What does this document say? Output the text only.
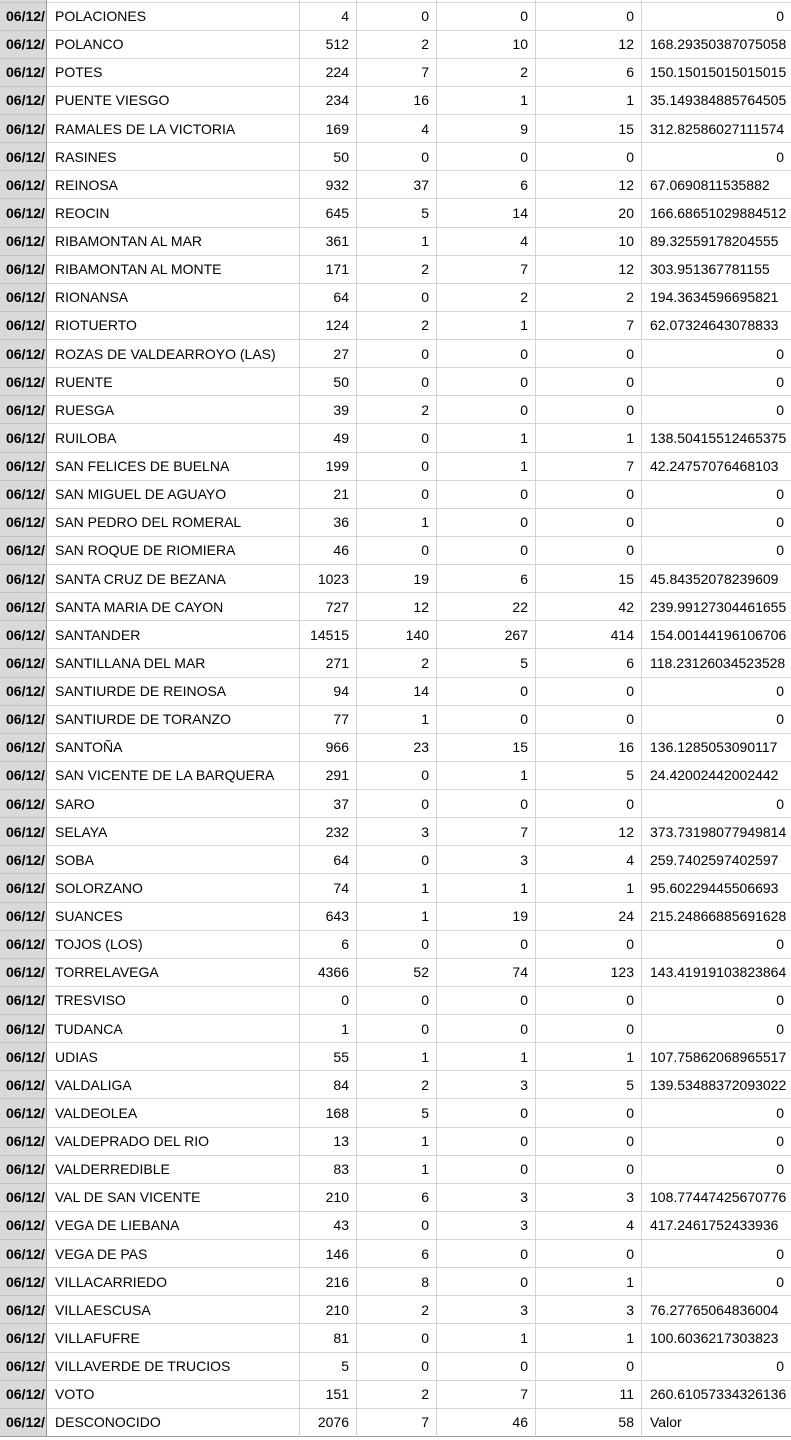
06/12/ POLACIONES	4	0	0	0	0
06/12/ POLANCO	512	2	10	12	168.29350387075058
06/12/ POTES	224	7	2	6	150.15015015015015
06/12/ PUENTE VIESGO	234	16	1	1	35.149384885764505
06/12/ RAMALES DE LA VICTORIA	169	4	9	15	312.82586027111574
06/12/ RASINES	50	0	0	0	0
06/12/ REINOSA	932	37	6	12	67.0690811535882
06/12/ REOCIN	645	5	14	20	166.68651029884512
06/12/ RIBAMONTAN AL MAR	361	1	4	10	89.32559178204555
06/12/ RIBAMONTAN AL MONTE	171	2	7	12	303.951367781155
06/12/ RIONANSA	64	0	2	2	194.3634596695821
06/12/ RIOTUERTO	124	2	1	7	62.07324643078833
06/12/ ROZAS DE VALDEARROYO (LAS)	27	0	0	0	0
06/12/ RUENTE	50	0	0	0	0
06/12/ RUESGA	39	2	0	0	0
06/12/ RUILOBA	49	0	1	1	138.50415512465375
06/12/ SAN FELICES DE BUELNA	199	0	1	7	42.24757076468103
06/12/ SAN MIGUEL DE AGUAYO	21	0	0	0	0
06/12/ SAN PEDRO DEL ROMERAL	36	1	0	0	0
06/12/ SAN ROQUE DE RIOMIERA	46	0	0	0	0
06/12/ SANTA CRUZ DE BEZANA	1023	19	6	15	45.84352078239609
06/12/ SANTA MARIA DE CAYON	727	12	22	42	239.99127304461655
06/12/ SANTANDER	14515	140	267	414	154.00144196106706
06/12/ SANTILLANA DEL MAR	271	2	5	6	118.23126034523528
06/12/ SANTIURDE DE REINOSA	94	14	0	0	0
06/12/ SANTIURDE DE TORANZO	77	1	0	0	0
06/12/ SANTOÑA	966	23	15	16	136.1285053090117
06/12/ SAN VICENTE DE LA BARQUERA	291	0	1	5	24.42002442002442
06/12/ SARO	37	0	0	0	0
06/12/ SELAYA	232	3	7	12	373.73198077949814
06/12/ SOBA	64	0	3	4	259.7402597402597
06/12/ SOLORZANO	74	1	1	1	95.60229445506693
06/12/ SUANCES	643	1	19	24	215.24866885691628
06/12/ TOJOS (LOS)	6	0	0	0	0
06/12/ TORRELAVEGA	4366	52	74	123	143.41919103823864
06/12/ TRESVISO	0	0	0	0	0
06/12/ TUDANCA	1	0	0	0	0
06/12/ UDIAS	55	1	1	1	107.75862068965517
06/12/ VALDALIGA	84	2	3	5	139.53488372093022
06/12/ VALDEOLEA	168	5	0	0	0
06/12/ VALDEPRADO DEL RIO	13	1	0	0	0
06/12/ VALDERREDIBLE	83	1	0	0	0
06/12/ VAL DE SAN VICENTE	210	6	3	3	108.77447425670776
06/12/ VEGA DE LIEBANA	43	0	3	4	417.2461752433936
06/12/ VEGA DE PAS	146	6	0	0	0
06/12/ VILLACARRIEDO	216	8	0	1	0
06/12/ VILLAESCUSA	210	2	3	3	76.27765064836004
06/12/ VILLAFUFRE	81	0	1	1	100.6036217303823
06/12/ VILLAVERDE DE TRUCIOS	5	0	0	0	0
06/12/ VOTO	151	2	7	11	260.61057334326136
06/12/ DESCONOCIDO	2076	7	46	58	Valor
